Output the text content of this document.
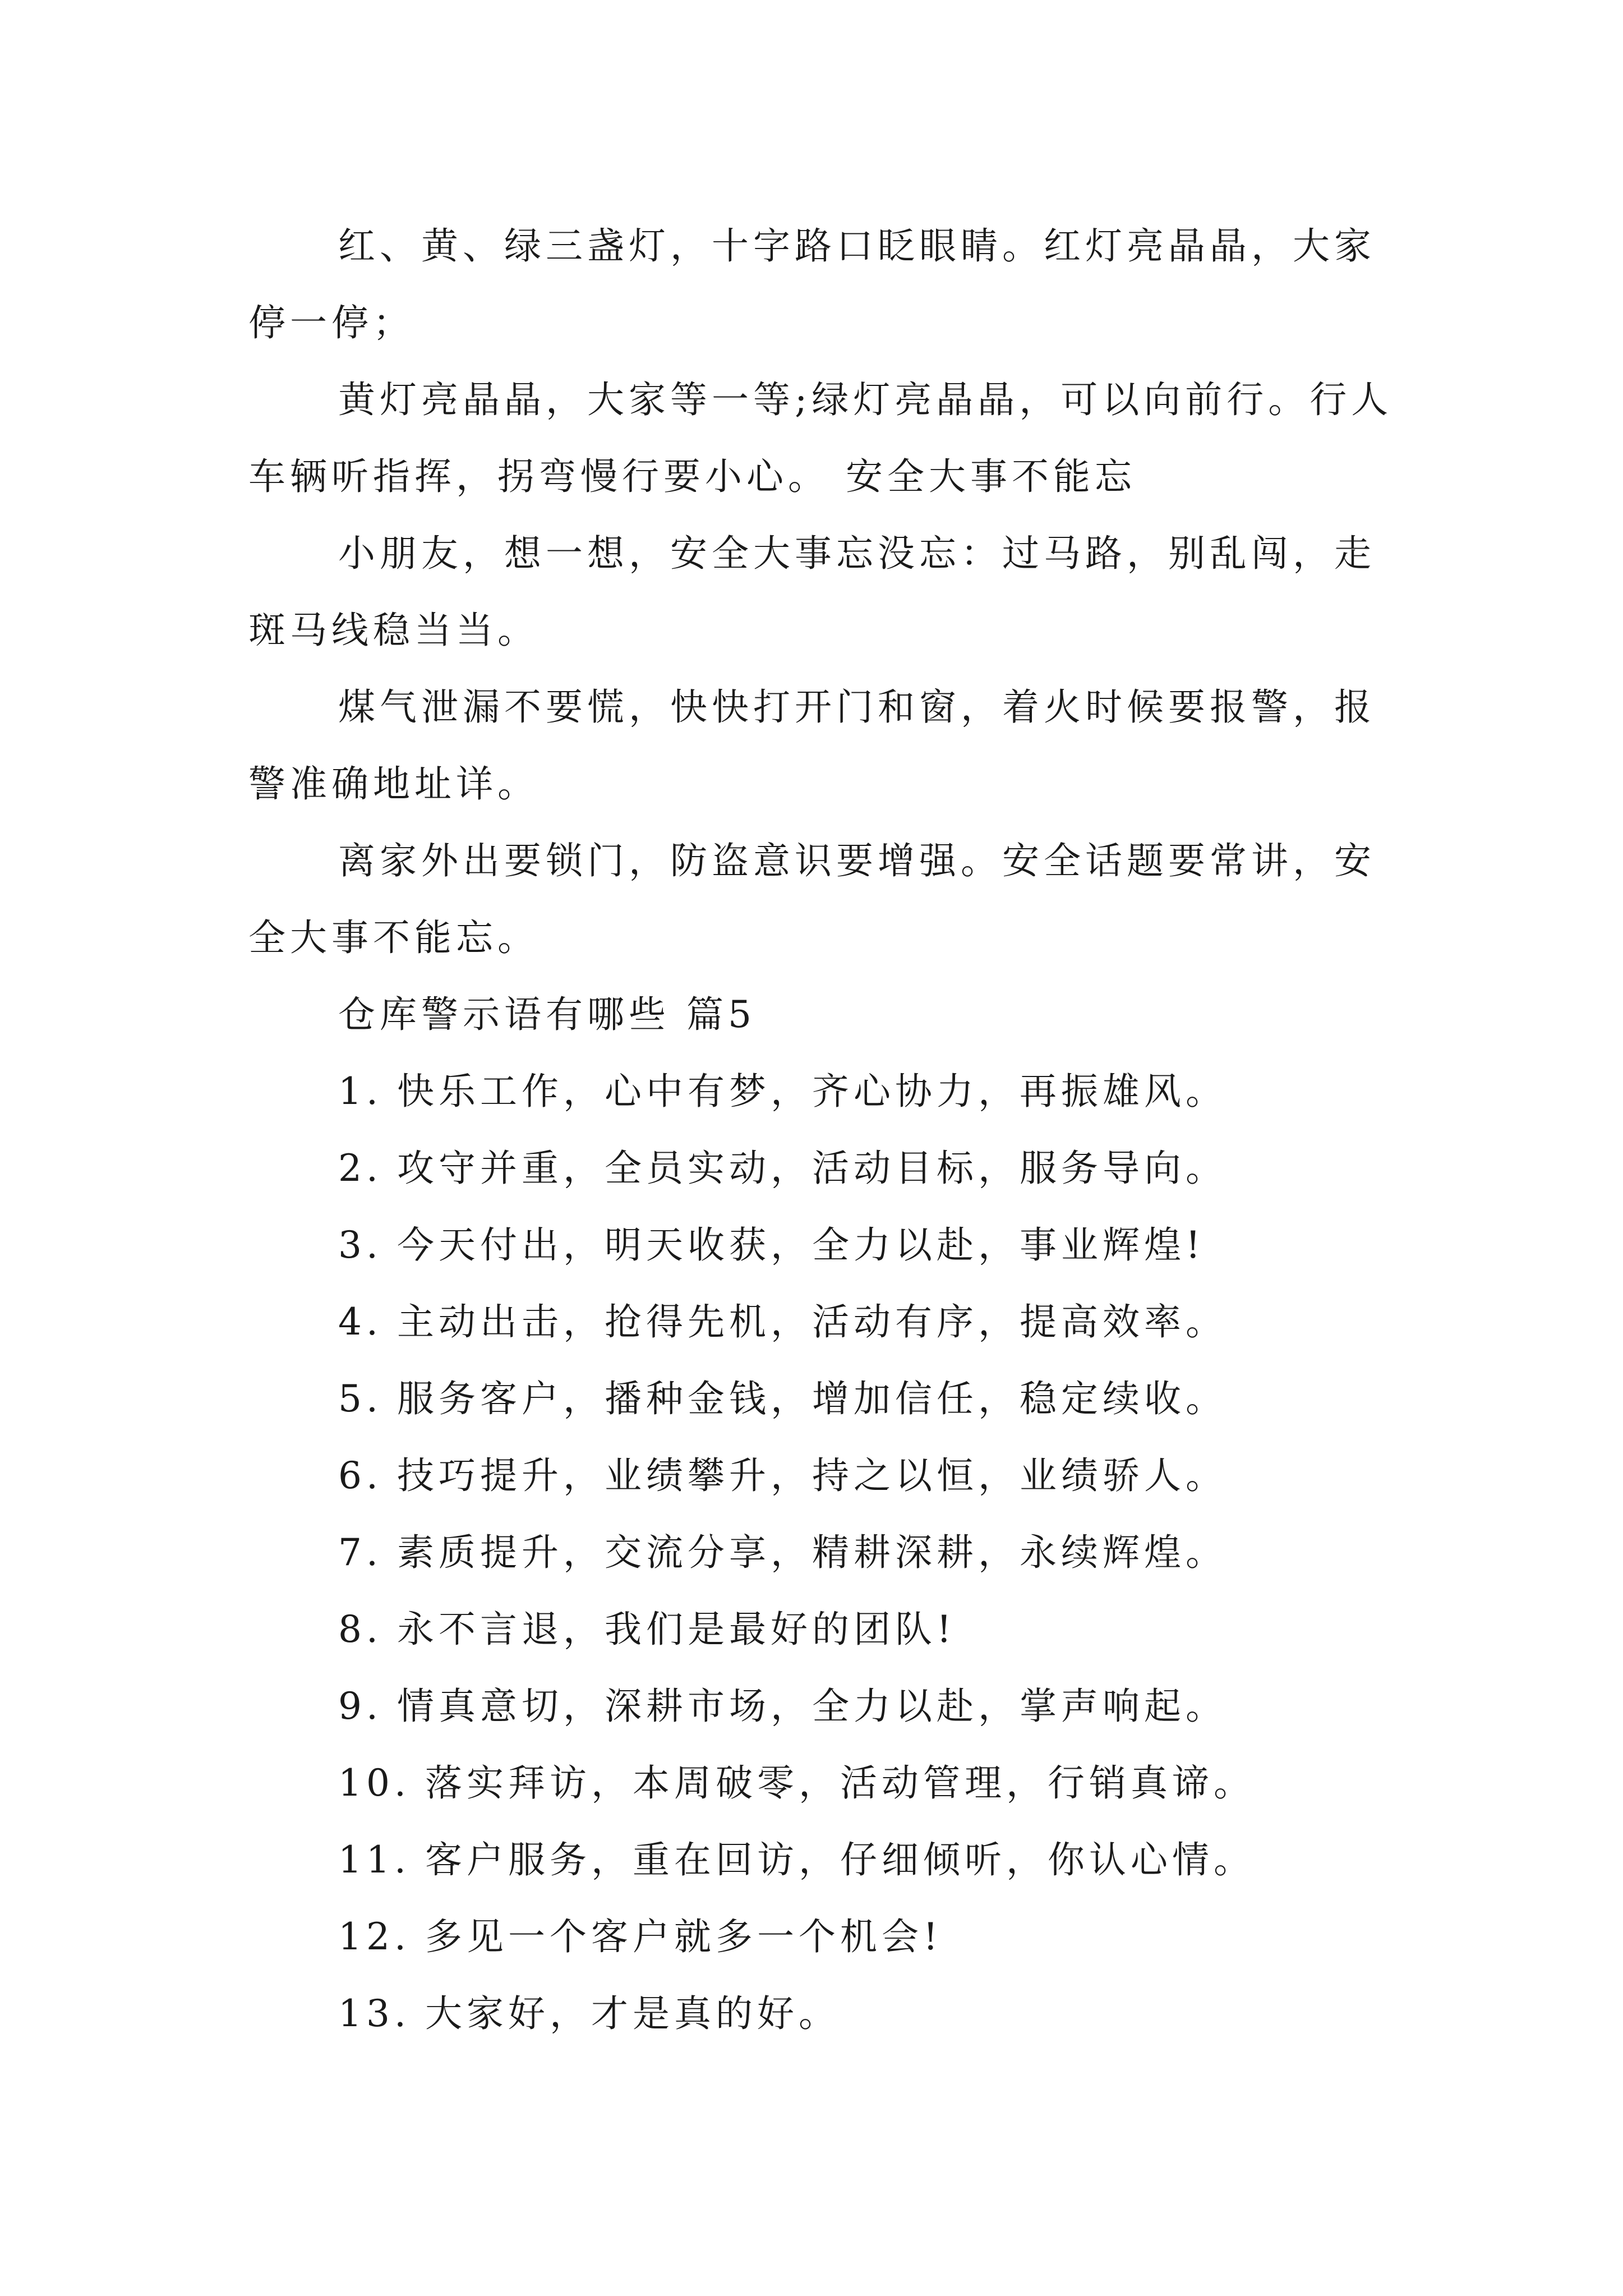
红、黄、绿三盏灯，十字路口眨眼睛。红灯亮晶晶，大家停一停；

黄灯亮晶晶，大家等一等;绿灯亮晶晶，可以向前行。行人车辆听指挥，拐弯慢行要小心。 安全大事不能忘

小朋友，想一想，安全大事忘没忘：过马路，别乱闯，走斑马线稳当当。

煤气泄漏不要慌，快快打开门和窗，着火时候要报警，报警准确地址详。

离家外出要锁门，防盗意识要增强。安全话题要常讲，安全大事不能忘。

仓库警示语有哪些 篇5

1. 快乐工作，心中有梦，齐心协力，再振雄风。

2. 攻守并重，全员实动，活动目标，服务导向。

3. 今天付出，明天收获，全力以赴，事业辉煌!

4. 主动出击，抢得先机，活动有序，提高效率。

5. 服务客户，播种金钱，增加信任，稳定续收。

6. 技巧提升，业绩攀升，持之以恒，业绩骄人。

7. 素质提升，交流分享，精耕深耕，永续辉煌。

8. 永不言退，我们是最好的团队!

9. 情真意切，深耕市场，全力以赴，掌声响起。

10. 落实拜访，本周破零，活动管理，行销真谛。

11. 客户服务，重在回访，仔细倾听，你认心情。

12. 多见一个客户就多一个机会!

13. 大家好，才是真的好。
